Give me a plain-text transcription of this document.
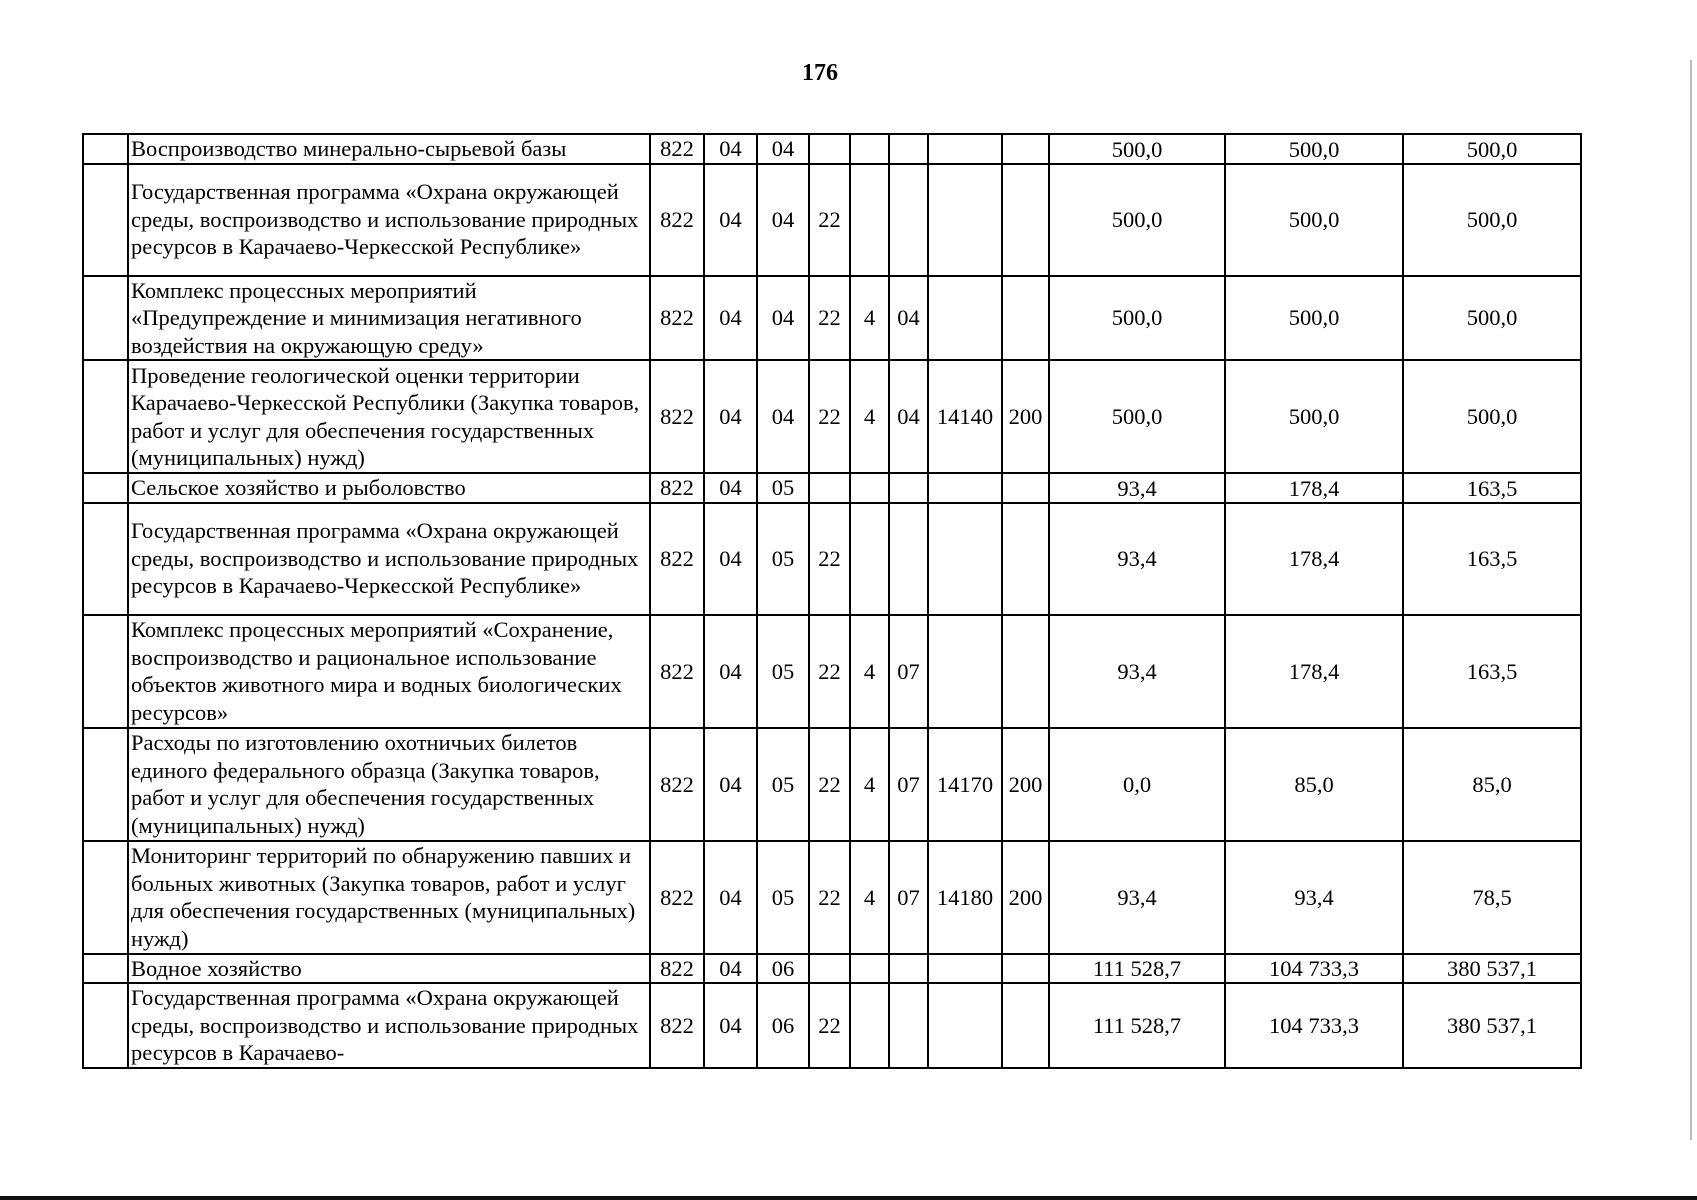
176
	Воспроизводство минерально-сырьевой базы	822	04	04						500,0	500,0	500,0
	Государственная программа «Охрана окружающей среды, воспроизводство и использование природных ресурсов в Карачаево-Черкесской Республике»	822	04	04	22					500,0	500,0	500,0
	Комплекс процессных мероприятий «Предупреждение и минимизация негативного воздействия на окружающую среду»	822	04	04	22	4	04			500,0	500,0	500,0
	Проведение геологической оценки территории Карачаево-Черкесской Республики (Закупка товаров, работ и услуг для обеспечения государственных (муниципальных) нужд)	822	04	04	22	4	04	14140	200	500,0	500,0	500,0
	Сельское хозяйство и рыболовство	822	04	05						93,4	178,4	163,5
	Государственная программа «Охрана окружающей среды, воспроизводство и использование природных ресурсов в Карачаево-Черкесской Республике»	822	04	05	22					93,4	178,4	163,5
	Комплекс процессных мероприятий «Сохранение, воспроизводство и рациональное использование объектов животного мира и водных биологических ресурсов»	822	04	05	22	4	07			93,4	178,4	163,5
	Расходы по изготовлению охотничьих билетов единого федерального образца (Закупка товаров, работ и услуг для обеспечения государственных (муниципальных) нужд)	822	04	05	22	4	07	14170	200	0,0	85,0	85,0
	Мониторинг территорий по обнаружению павших и больных животных (Закупка товаров, работ и услуг для обеспечения государственных (муниципальных) нужд)	822	04	05	22	4	07	14180	200	93,4	93,4	78,5
	Водное хозяйство	822	04	06						111 528,7	104 733,3	380 537,1
	Государственная программа «Охрана окружающей среды, воспроизводство и использование природных ресурсов в Карачаево-	822	04	06	22					111 528,7	104 733,3	380 537,1
